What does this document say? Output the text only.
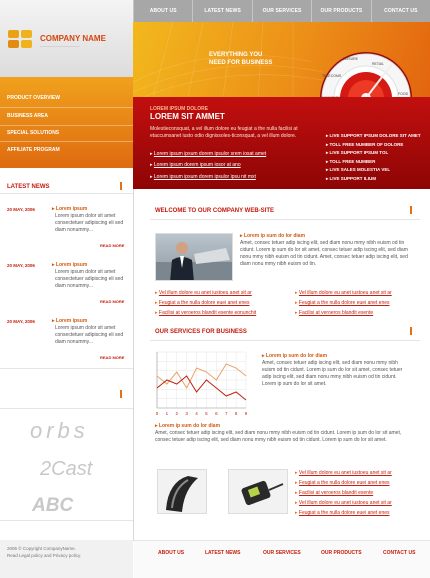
ABOUT US	LATEST NEWS	OUR SERVICES	OUR PRODUCTS	CONTACT US
COMPANY NAME
──────────────
EVERYTHING YOU
NEED FOR BUSINESS
LEISURE
RETAIL
FOOD
TELECOMS
PRODUCT OVERVIEW
BUSINESS AREA
SPECIAL SOLUTIONS
AFFILIATE PROGRAM
LOREM IPSUM DOLORE
LOREM SIT AMMET
Molestieconsquat, a vel illum dolore eu feugiat a the nulla facilisi at etaccumsanet iusto odio dignissoles-ticonsquat, a vel illum dolore.
▸ Lorem ipsum ipsum dorem ipsulor srem iosat amet
▸ Lorem ipsum dorem ipsum iosor at ano
▸ Lorem ipsum ipsum dorem ipsulor ipsu nit mxt
▸ LIVE SUPPORT IPSUM DOLORE SIT AMET
▸ TOLL FREE NUMBER OF DOLORE
▸ LIVE SUPPORT IPSUM TOL
▸ TOLL FREE NUMBER
▸ LIVE SALES MOLESTIA VEL
▸ LIVE SUPPORT ILIUM
LATEST NEWS
20 MAY, 2006	▸ Lorem ipsum
Lorem ipsum dolor sit amet consectetuer adipiscing eli sed diam nonummy...
READ MORE
20 MAY, 2006	▸ Lorem ipsum
Lorem ipsum dolor sit amet consectetuer adipiscing eli sed diam nonummy...
READ MORE
20 MAY, 2006	▸ Lorem ipsum
Lorem ipsum dolor sit amet consectetuer adipiscing eli sed diam nonummy...
READ MORE
orbs
2Cast
ABC
2006 © Copyright CompanyName.
Read Legal policy and Privacy policy.
WELCOME TO OUR COMPANY WEB-SITE
▸ Lorem ip sum do lor diam
Amet, consec tetuer adip iscing elit, sed diam nonu mmy nibh euism od tin cidunt. Lorem ip sum do lor sit amet, consec tetuer adip iscing elit, sed diam nonu mmy nibh euism od tin cidunt. Amet, consec tetuer adip iscing elit, sed diam nonu mmy nibh euism od tin.
▸ Vel illum dolore eu anet iustoeu anet sit ar
▸ Feugiat a the nulla dolore euei anet enes
▸ Facilisi at veroeros blandit esente eonunchit
▸ Vel illum dolore eu anet iustoeu anet sit ar
▸ Feugiat a the nulla dolore euei anet enes
▸ Facilisi at veroeros blandit esente
OUR SERVICES FOR BUSINESS
0 1 2 3 4 5 6 7 8 9
▸ Lorem ip sum do lor diam
Amet, consec tetuer adip iscing elit, sed diam nonu mmy nibh euism od tin cidunt. Lorem ip sum do lor sit amet, consec tetuer adip iscing elit, sed diam nonu mmy nibh euism od tin cidunt. Lorem ip sum do lor sit amet.
▸ Lorem ip sum do lor diam
Amet, consec tetuer adip iscing elit, sed diam nonu mmy nibh euism od tin cidunt. Lorem ip sum do lor sit amet, consec tetuer adip iscing elit, sed diam nonu mmy nibh euism od tin cidunt. Lorem ip sum do lor sit amet.
▸ Vel illum dolore eu anet iustoeu anet sit ar
▸ Feugiat a the nulla dolore euei anet enes
▸ Facilisi at veroeros blandit esente
▸ Vel illum dolore eu anet iustoeu anet sit ar
▸ Feugiat a the nulla dolore euei anet enes
ABOUT US	LATEST NEWS	OUR SERVICES	OUR PRODUCTS	CONTACT US
